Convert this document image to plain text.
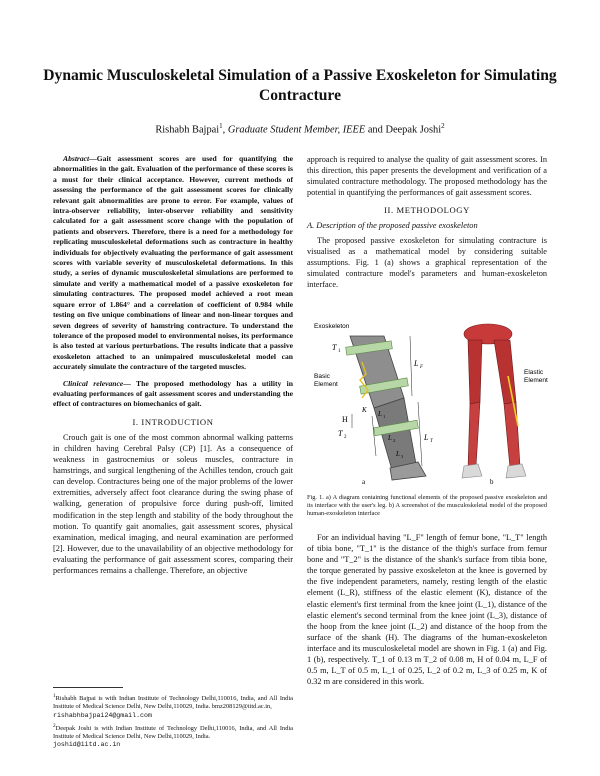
Dynamic Musculoskeletal Simulation of a Passive Exoskeleton for Simulating Contracture
Rishabh Bajpai$^1$, Graduate Student Member, IEEE and Deepak Joshi$^2$

Abstract—Gait assessment scores are used for quantifying the abnormalities in the gait. Evaluation of the performance of these scores is a must for their clinical acceptance. However, current methods of assessing the performance of the gait assessment scores for clinically relevant gait abnormalities are prone to error. For example, values of intra-observer reliability, inter-observer reliability and sensitivity calculated for a gait assessment score change with the population of patients and observers. Therefore, there is a need for a methodology for replicating musculoskeletal deformations such as contracture in healthy individuals for objectively evaluating the performance of gait assessment scores with variable severity of musculoskeletal deformations. In this study, a series of dynamic musculoskeletal simulations are performed to simulate and verify a mathematical model of a passive exoskeleton for simulating contractures. The proposed model achieved a root mean square error of 1.864° and a correlation of coefficient of 0.984 while testing on five unique combinations of linear and non-linear torques and seven degrees of severity of hamstring contracture. To understand the tolerance of the proposed model to environmental noises, its performance is also tested at various perturbations. The results indicate that a passive exoskeleton attached to an unimpaired musculoskeletal model can accurately simulate the contracture of the targeted muscles.

Clinical relevance— The proposed methodology has a utility in evaluating performances of gait assessment scores and understanding the effect of contractures on biomechanics of gait.

I. INTRODUCTION

Crouch gait is one of the most common abnormal walking patterns in children having Cerebral Palsy (CP) [1]. As a consequence of weakness in gastrocnemius or soleus muscles, contracture in hamstrings, and surgical lengthening of the Achilles tendon, crouch gait can develop. Contractures being one of the major problems of the lower extremities, adversely affect foot clearance during the swing phase of walking, generation of propulsive force during push-off, limited modification in the step length and stability of the body throughout the motion. To quantify gait anomalies, gait assessment scores, physical examination, medical imaging, and neural examination are performed [2]. However, due to the unavailability of an objective methodology for evaluating the performance of gait assessment scores, comparing their performances remains a challenge. Therefore, an objective

$^1$Rishabh Bajpai is with Indian Institute of Technology Delhi,110016, India, and All India Institute of Medical Science Delhi, New Delhi,110029, India. bmz208129@iitd.ac.in,
rishabhbajpai24@gmail.com

$^2$Deepak Joshi is with Indian Institute of Technology Delhi,110016, India, and All India Institute of Medical Science Delhi, New Delhi,110029, India.
joshid@iitd.ac.in

approach is required to analyse the quality of gait assessment scores. In this direction, this paper presents the development and verification of a simulated contracture methodology. The proposed methodology has the potential in quantifying the performances of gait assessment scores.

II. METHODOLOGY
A. Description of the proposed passive exoskeleton

The proposed passive exoskeleton for simulating contracture is visualised as a mathematical model by considering suitable assumptions. Fig. 1 (a) shows a graphical representation of the simulated contracture model's parameters and human-exoskeleton interface.

Exoskeleton
Basic
Element
T 1
L F
L T
H
T 2
L 1
L 2
L 3
K
a
Elastic
Element
b
Fig. 1. a) A diagram containing functional elements of the proposed passive exoskeleton and its interface with the user's leg. b) A screenshot of the musculoskeletal model of the proposed human-exoskeleton interface

For an individual having "L_F" length of femur bone, "L_T" length of tibia bone, "T_1" is the distance of the thigh's surface from femur bone and "T_2" is the distance of the shank's surface from tibia bone, the torque generated by passive exoskeleton at the knee is governed by the five independent parameters, namely, resting length of the elastic element (L_R), stiffness of the elastic element (K), distance of the elastic element's first terminal from the knee joint (L_1), distance of the elastic element's second terminal from the knee joint (L_3), distance of the hoop from the knee joint (L_2) and distance of the hoop from the surface of the shank (H). The diagrams of the human-exoskeleton interface and its musculoskeletal model are shown in Fig. 1 (a) and Fig. 1 (b), respectively. T_1 of 0.13 m T_2 of 0.08 m, H of 0.04 m, L_F of 0.5 m, L_T of 0.5 m, L_1 of 0.25, L_2 of 0.2 m, L_3 of 0.25 m, K of 0.32 m are considered in this work.
